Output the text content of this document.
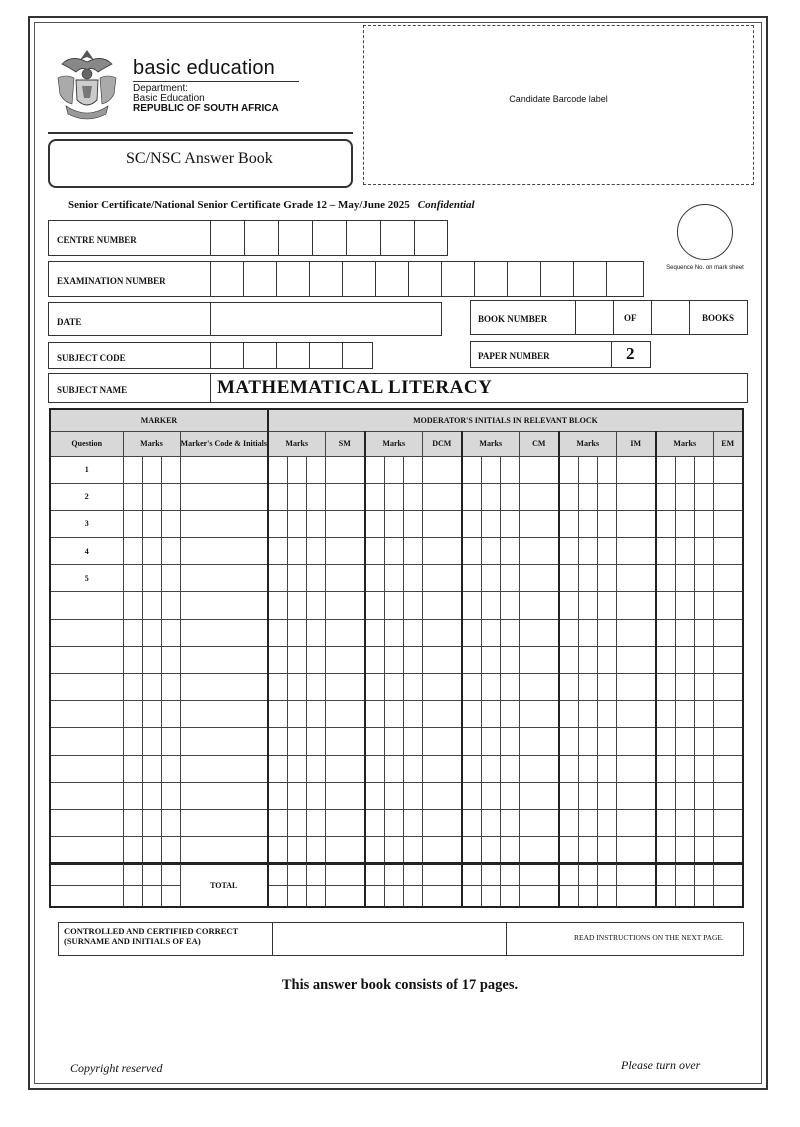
basic education
Department:
Basic Education
REPUBLIC OF SOUTH AFRICA
SC/NSC Answer Book
Candidate Barcode label
Senior Certificate/National Senior Certificate Grade 12 – May/June 2025 Confidential
Sequence No. on mark sheet
CENTRE NUMBER
EXAMINATION NUMBER
DATE	BOOK NUMBER	OF	BOOKS
SUBJECT CODE	PAPER NUMBER	2
SUBJECT NAME	MATHEMATICAL LITERACY
MARKER					MODERATOR'S INITIALS IN RELEVANT BLOCK																			
Question	Marks			Marker's Code & Initials	Marks			SM	Marks			DCM	Marks			CM	Marks			IM	Marks			EM
1																								
2																								
3																								
4																								
5																								

				TOTAL																				

CONTROLLED AND CERTIFIED CORRECT
(SURNAME AND INITIALS OF EA)	READ INSTRUCTIONS ON THE NEXT PAGE.
This answer book consists of 17 pages.
Copyright reserved	Please turn over
